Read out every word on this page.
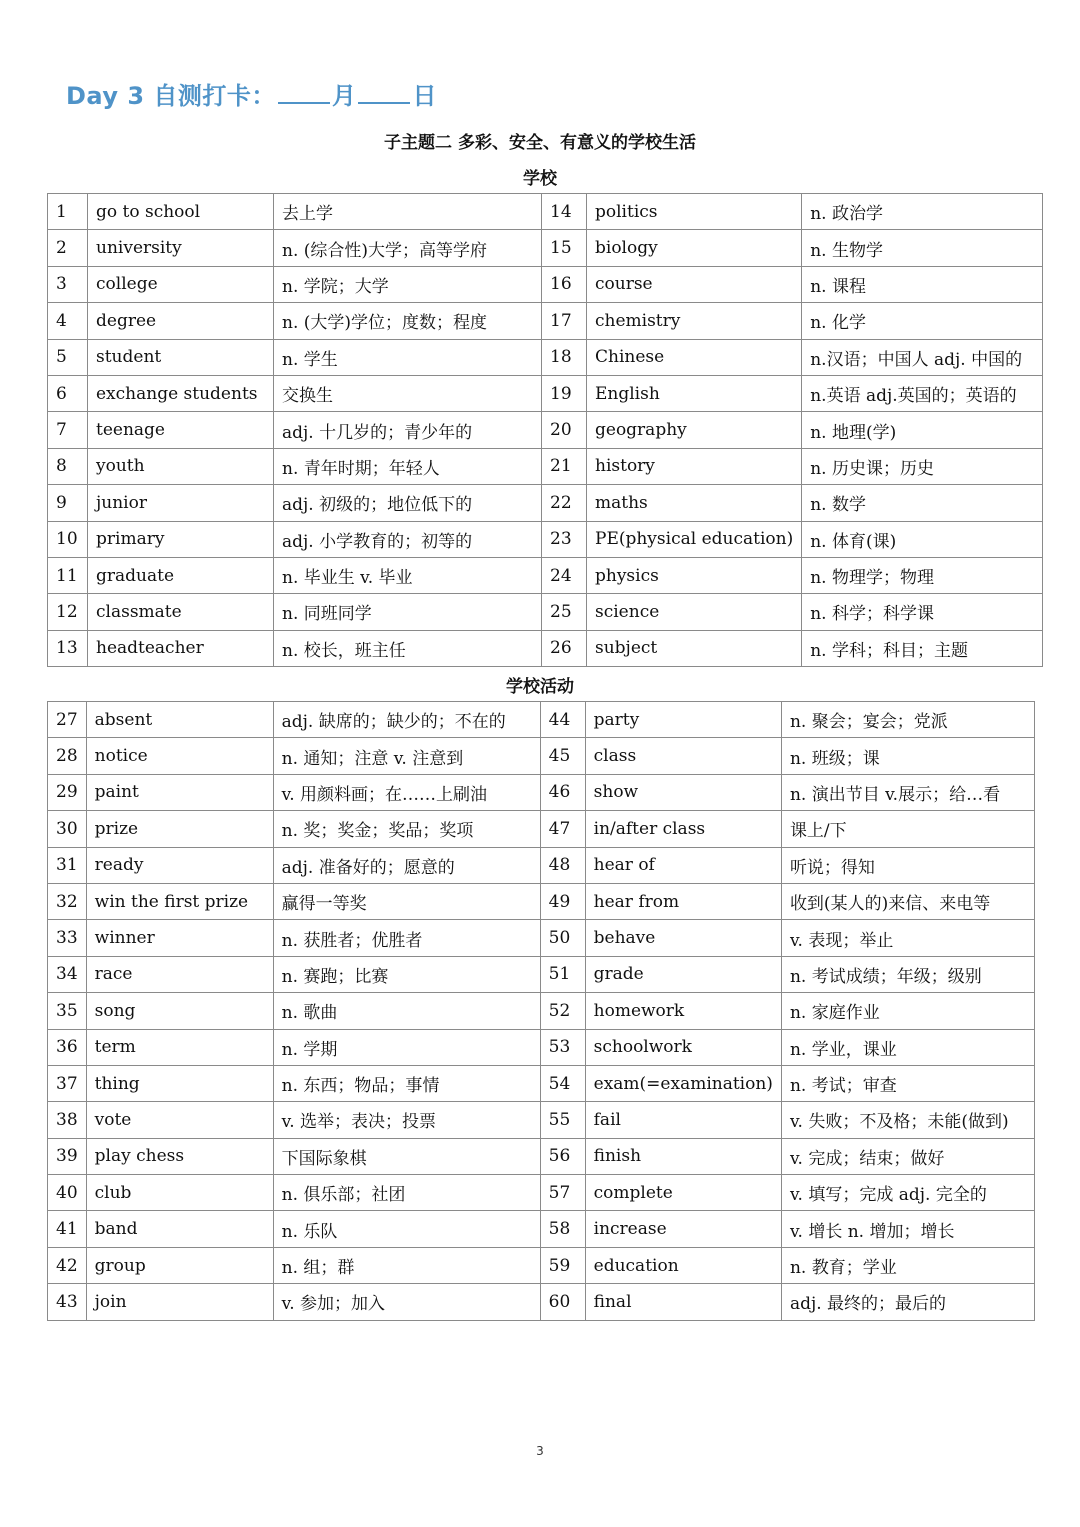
Day 3 自测打卡： 月 日
子主题二 多彩、安全、有意义的学校生活
学校
1	go to school	去上学	14	politics	n. 政治学
2	university	n. (综合性)大学；高等学府	15	biology	n. 生物学
3	college	n. 学院；大学	16	course	n. 课程
4	degree	n. (大学)学位；度数；程度	17	chemistry	n. 化学
5	student	n. 学生	18	Chinese	n.汉语；中国人 adj. 中国的
6	exchange students	交换生	19	English	n.英语 adj.英国的；英语的
7	teenage	adj. 十几岁的；青少年的	20	geography	n. 地理(学)
8	youth	n. 青年时期；年轻人	21	history	n. 历史课；历史
9	junior	adj. 初级的；地位低下的	22	maths	n. 数学
10	primary	adj. 小学教育的；初等的	23	PE(physical education)	n. 体育(课)
11	graduate	n. 毕业生 v. 毕业	24	physics	n. 物理学；物理
12	classmate	n. 同班同学	25	science	n. 科学；科学课
13	headteacher	n. 校长，班主任	26	subject	n. 学科；科目；主题
学校活动
27	absent	adj. 缺席的；缺少的；不在的	44	party	n. 聚会；宴会；党派
28	notice	n. 通知；注意 v. 注意到	45	class	n. 班级；课
29	paint	v. 用颜料画；在……上刷油	46	show	n. 演出节目 v.展示；给…看
30	prize	n. 奖；奖金；奖品；奖项	47	in/after class	课上/下
31	ready	adj. 准备好的；愿意的	48	hear of	听说；得知
32	win the first prize	赢得一等奖	49	hear from	收到(某人的)来信、来电等
33	winner	n. 获胜者；优胜者	50	behave	v. 表现；举止
34	race	n. 赛跑；比赛	51	grade	n. 考试成绩；年级；级别
35	song	n. 歌曲	52	homework	n. 家庭作业
36	term	n. 学期	53	schoolwork	n. 学业，课业
37	thing	n. 东西；物品；事情	54	exam(=examination)	n. 考试；审查
38	vote	v. 选举；表决；投票	55	fail	v. 失败；不及格；未能(做到)
39	play chess	下国际象棋	56	finish	v. 完成；结束；做好
40	club	n. 俱乐部；社团	57	complete	v. 填写；完成 adj. 完全的
41	band	n. 乐队	58	increase	v. 增长 n. 增加；增长
42	group	n. 组；群	59	education	n. 教育；学业
43	join	v. 参加；加入	60	final	adj. 最终的；最后的
3
